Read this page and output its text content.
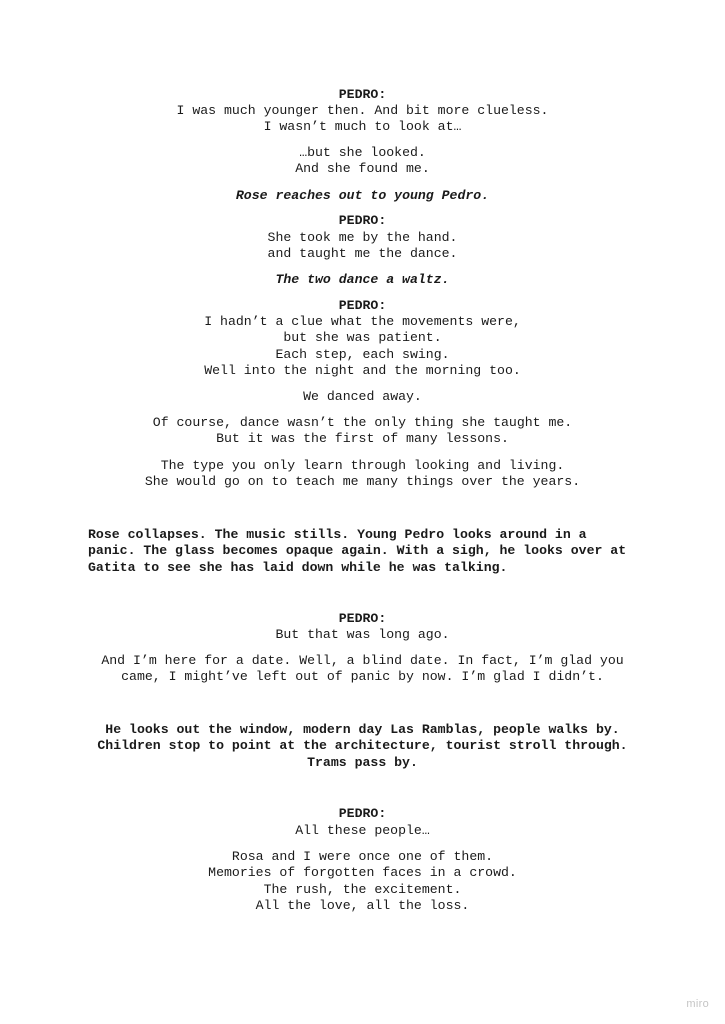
PEDRO:
I was much younger then. And bit more clueless.
I wasn’t much to look at…
…but she looked.
And she found me.
Rose reaches out to young Pedro.
PEDRO:
She took me by the hand.
and taught me the dance.
The two dance a waltz.
PEDRO:
I hadn’t a clue what the movements were,
but she was patient.
Each step, each swing.
Well into the night and the morning too.
We danced away.
Of course, dance wasn’t the only thing she taught me.
But it was the first of many lessons.
The type you only learn through looking and living.
She would go on to teach me many things over the years.
Rose collapses. The music stills. Young Pedro looks around in a
panic. The glass becomes opaque again. With a sigh, he looks over at
Gatita to see she has laid down while he was talking.
PEDRO:
But that was long ago.
And I’m here for a date. Well, a blind date. In fact, I’m glad you
came, I might’ve left out of panic by now. I’m glad I didn’t.
He looks out the window, modern day Las Ramblas, people walks by.
Children stop to point at the architecture, tourist stroll through.
Trams pass by.
PEDRO:
All these people…
Rosa and I were once one of them.
Memories of forgotten faces in a crowd.
The rush, the excitement.
All the love, all the loss.
miro
